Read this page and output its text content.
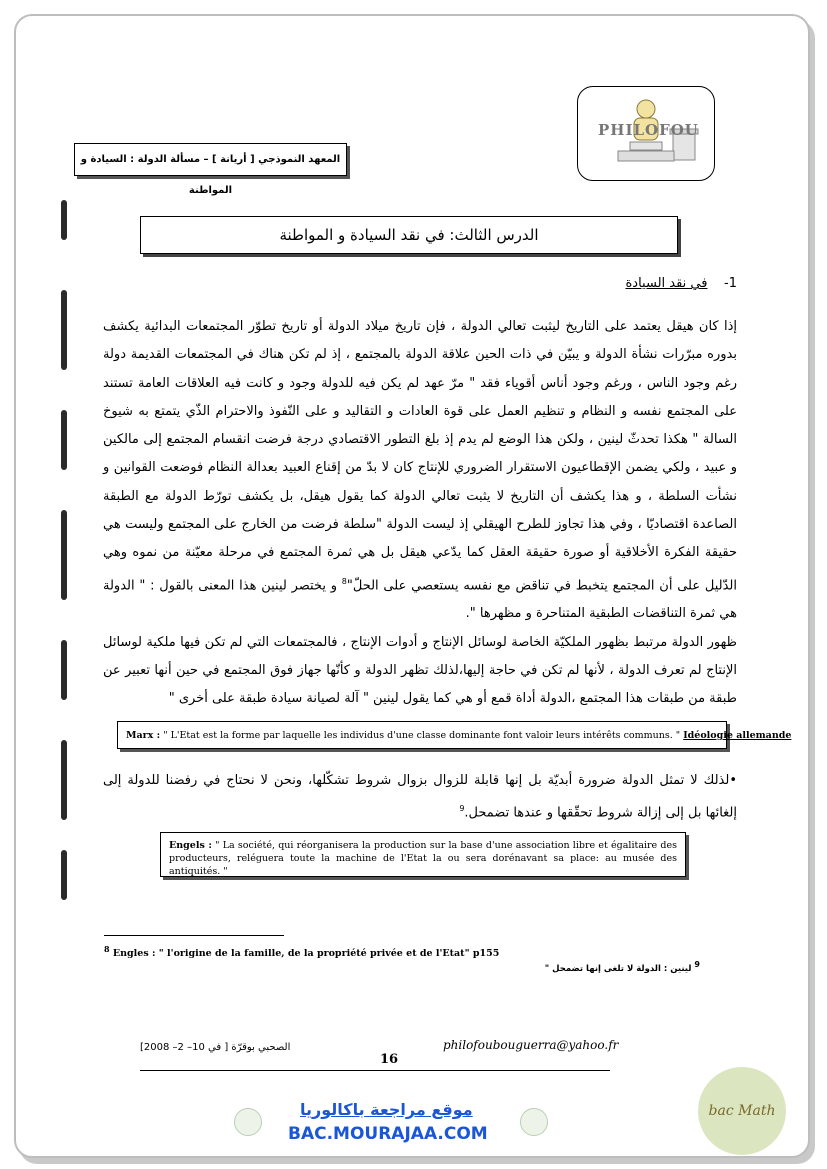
PHILOFOU
المعهد النموذجي [ أريانة ] – مسألة الدولة : السيادة و المواطنة
الدرس الثالث: في نقد السيادة و المواطنة
1-    في نقد السيادة

إذا كان هيقل يعتمد على التاريخ ليثبت تعالي الدولة ، فإن تاريخ ميلاد الدولة أو تاريخ تطوّر المجتمعات البدائية يكشف بدوره مبرّرات نشأة الدولة و يبيّن في ذات الحين علاقة الدولة بالمجتمع ، إذ لم تكن هناك في المجتمعات القديمة دولة رغم وجود الناس ، ورغم وجود أناس أقوياء فقد " مرّ عهد لم يكن فيه للدولة وجود و كانت فيه العلاقات العامة تستند على المجتمع نفسه و النظام و تنظيم العمل على قوة العادات و التقاليد و على النّفوذ والاحترام الذّي يتمتع به شيوخ السالة " هكذا تحدثّ لينين ، ولكن هذا الوضع لم يدم إذ بلغ التطور الاقتصادي درجة فرضت انقسام المجتمع إلى مالكين و عبيد ، ولكي يضمن الإقطاعيون الاستقرار الضروري للإنتاج كان لا بدّ من إقناع العبيد بعدالة النظام فوضعت القوانين و نشأت السلطة ، و هذا يكشف أن التاريخ لا يثبت تعالي الدولة كما يقول هيقل، بل يكشف تورّط الدولة مع الطبقة الصاعدة اقتصاديّا ، وفي هذا تجاوز للطرح الهيقلي إذ ليست الدولة "سلطة فرضت من الخارج على المجتمع وليست هي حقيقة الفكرة الأخلاقية أو صورة حقيقة العقل كما يدّعي هيقل بل هي ثمرة المجتمع في مرحلة معيّنة من نموه وهي الدّليل على أن المجتمع يتخبط في تناقض مع نفسه يستعصي على الحلّ"$^8$ و يختصر لينين هذا المعنى بالقول : " الدولة هي ثمرة التناقضات الطبقية المتناحرة و مظهرها ".

ظهور الدولة مرتبط بظهور الملكيّة الخاصة لوسائل الإنتاج و أدوات الإنتاج ، فالمجتمعات التي لم تكن فيها ملكية لوسائل الإنتاج لم تعرف الدولة ، لأنها لم تكن في حاجة إليها،لذلك تظهر الدولة و كأنّها جهاز فوق المجتمع في حين أنها تعبير عن طبقة من طبقات هذا المجتمع ،الدولة أداة قمع أو هي كما يقول لينين " آلة لصيانة سيادة طبقة على أخرى "

Marx : " L'Etat est la forme par laquelle les individus d'une classe dominante font valoir leurs intérêts communs. " Idéologie allemande
•لذلك لا تمثل الدولة ضرورة أبديّة بل إنها قابلة للزوال بزوال شروط تشكّلها، ونحن لا نحتاج في رفضنا للدولة إلى إلغائها بل إلى إزالة شروط تحقّقها و عندها تضمحل.$^9$
Engels : " La société, qui réorganisera la production sur la base d'une association libre et égalitaire des producteurs, reléguera toute la machine de l'Etat la ou sera dorénavant sa place: au musée des antiquités. "
$^8$ Engles : " l'origine de la famille, de la propriété privée et de l'Etat" p155
$^9$ لينين : الدولة لا تلغى إنها تضمحل "
philofoubouguerra@yahoo.fr
16
الصحبي بوقرّة [ في 10– 2– 2008]
موقع مراجعة باكالوريا
BAC.MOURAJAA.COM
bac Math
